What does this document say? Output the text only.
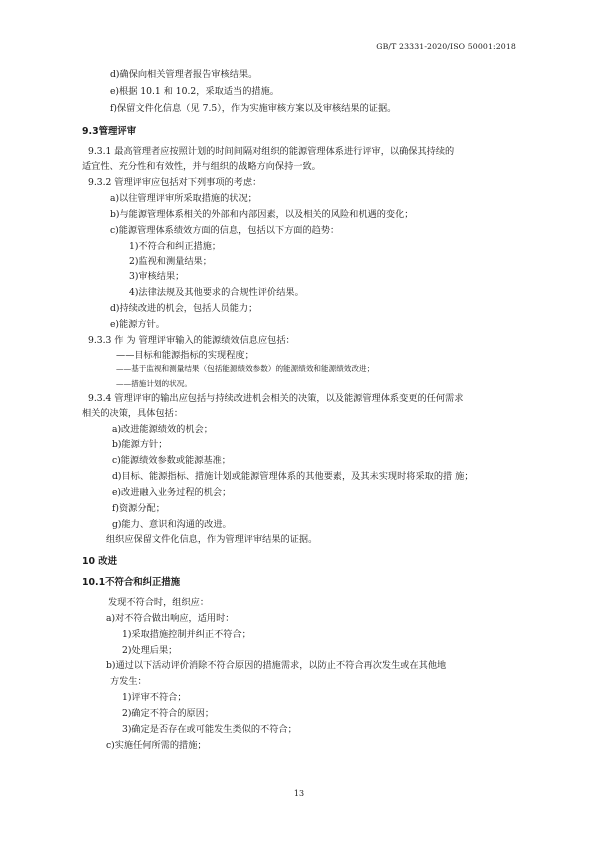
GB/T 23331-2020/ISO 50001:2018
d)确保向相关管理者报告审核结果。
e)根据 10.1 和 10.2，采取适当的措施。
f)保留文件化信息（见 7.5），作为实施审核方案以及审核结果的证据。
9.3管理评审
9.3.1 最高管理者应按照计划的时间间隔对组织的能源管理体系进行评审，以确保其持续的
适宜性、充分性和有效性，并与组织的战略方向保持一致。
9.3.2 管理评审应包括对下列事项的考虑：
a)以往管理评审所采取措施的状况；
b)与能源管理体系相关的外部和内部因素，以及相关的风险和机遇的变化；
c)能源管理体系绩效方面的信息，包括以下方面的趋势：
1)不符合和纠正措施；
2)监视和测量结果；
3)审核结果；
4)法律法规及其他要求的合规性评价结果。
d)持续改进的机会，包括人员能力；
e)能源方针。
9.3.3 作 为 管理评审输入的能源绩效信息应包括：
——目标和能源指标的实现程度；
——基于监视和测量结果（包括能源绩效参数）的能源绩效和能源绩效改进；
——措施计划的状况。
9.3.4 管理评审的输出应包括与持续改进机会相关的决策，以及能源管理体系变更的任何需求
相关的决策，具体包括：
a)改进能源绩效的机会；
b)能源方针；
c)能源绩效参数或能源基准；
d)目标、能源指标、措施计划或能源管理体系的其他要素，及其未实现时将采取的措 施；
e)改进融入业务过程的机会；
f)资源分配；
g)能力、意识和沟通的改进。
组织应保留文件化信息，作为管理评审结果的证据。
10 改进
10.1不符合和纠正措施
发现不符合时，组织应：
a)对不符合做出响应，适用时：
1)采取措施控制并纠正不符合；
2)处理后果；
b)通过以下活动评价消除不符合原因的措施需求，以防止不符合再次发生或在其他地
方发生：
1)评审不符合；
2)确定不符合的原因；
3)确定是否存在或可能发生类似的不符合；
c)实施任何所需的措施；
13
